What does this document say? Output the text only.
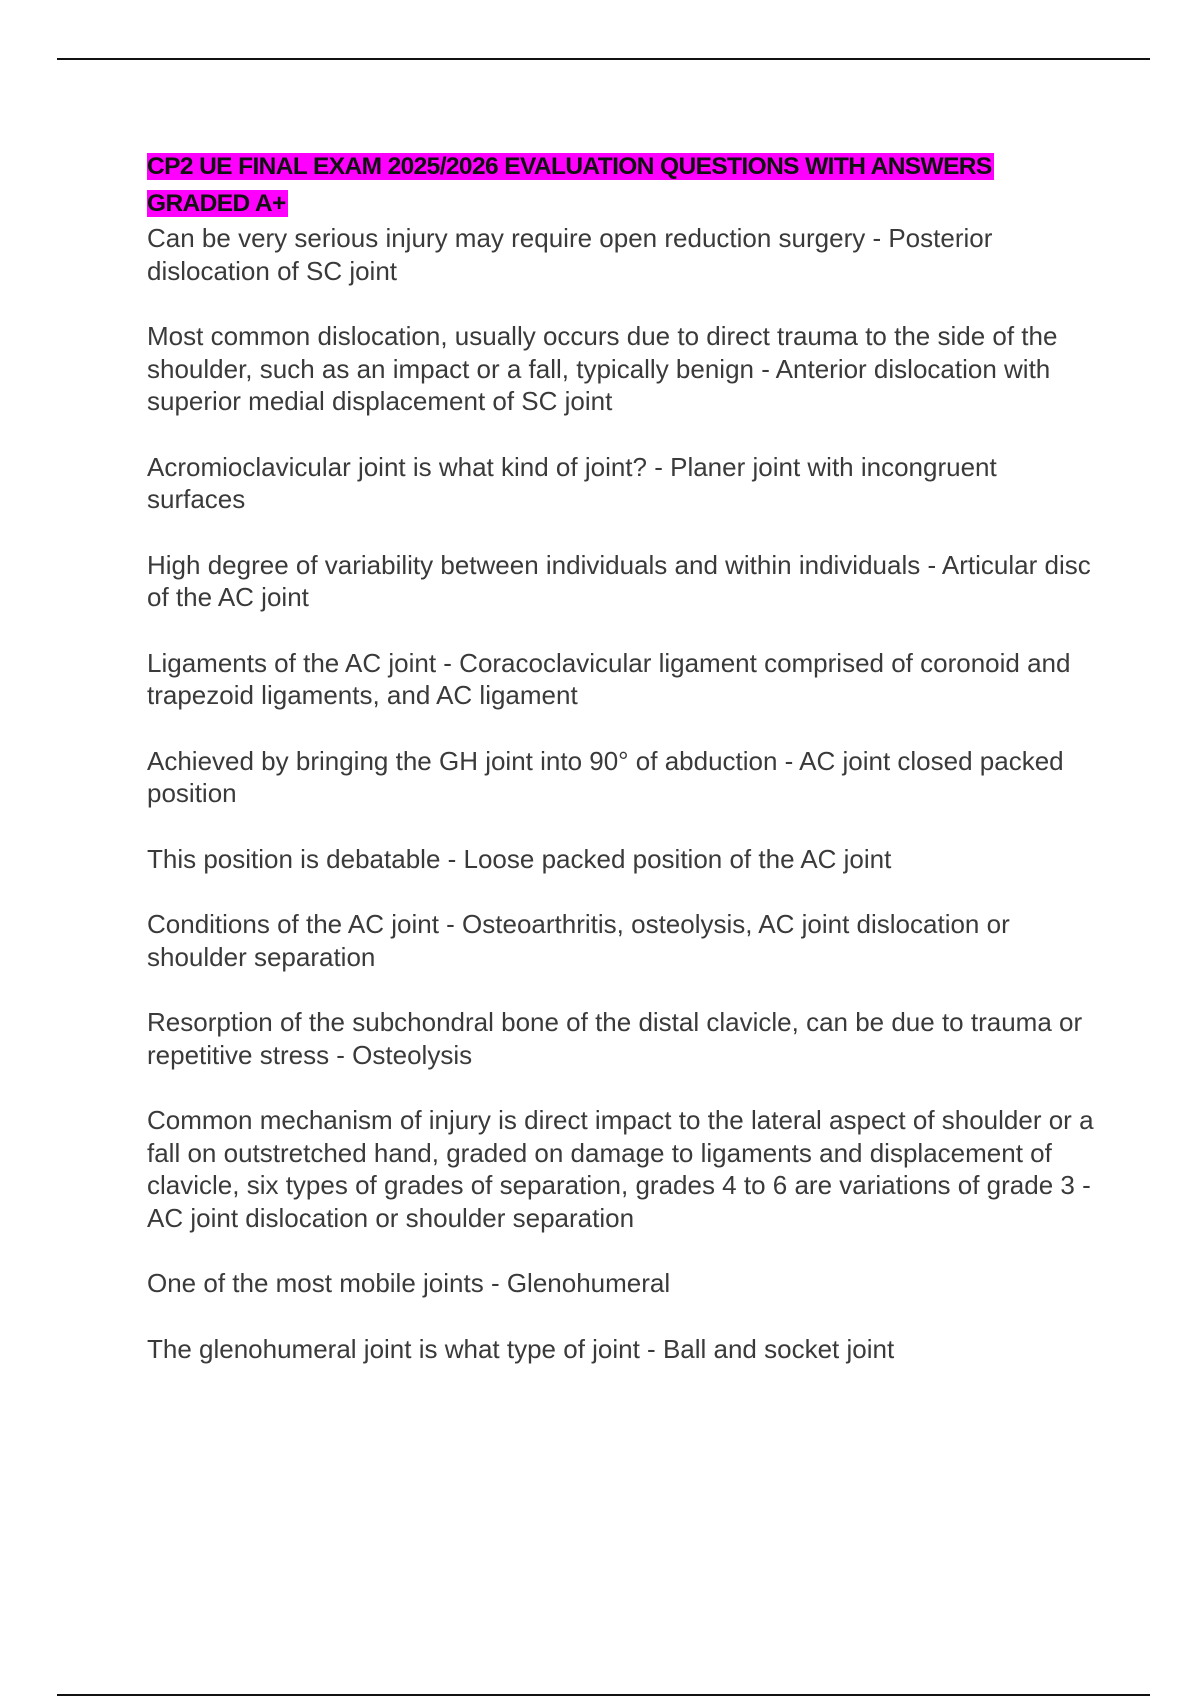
CP2 UE FINAL EXAM 2025/2026 EVALUATION QUESTIONS WITH ANSWERS GRADED A+

Can be very serious injury may require open reduction surgery - Posterior dislocation of SC joint

Most common dislocation, usually occurs due to direct trauma to the side of the shoulder, such as an impact or a fall, typically benign - Anterior dislocation with superior medial displacement of SC joint

Acromioclavicular joint is what kind of joint? - Planer joint with incongruent surfaces

High degree of variability between individuals and within individuals - Articular disc of the AC joint

Ligaments of the AC joint - Coracoclavicular ligament comprised of coronoid and trapezoid ligaments, and AC ligament

Achieved by bringing the GH joint into 90° of abduction - AC joint closed packed position

This position is debatable - Loose packed position of the AC joint

Conditions of the AC joint - Osteoarthritis, osteolysis, AC joint dislocation or shoulder separation

Resorption of the subchondral bone of the distal clavicle, can be due to trauma or repetitive stress - Osteolysis

Common mechanism of injury is direct impact to the lateral aspect of shoulder or a fall on outstretched hand, graded on damage to ligaments and displacement of clavicle, six types of grades of separation, grades 4 to 6 are variations of grade 3 - AC joint dislocation or shoulder separation

One of the most mobile joints - Glenohumeral

The glenohumeral joint is what type of joint - Ball and socket joint
